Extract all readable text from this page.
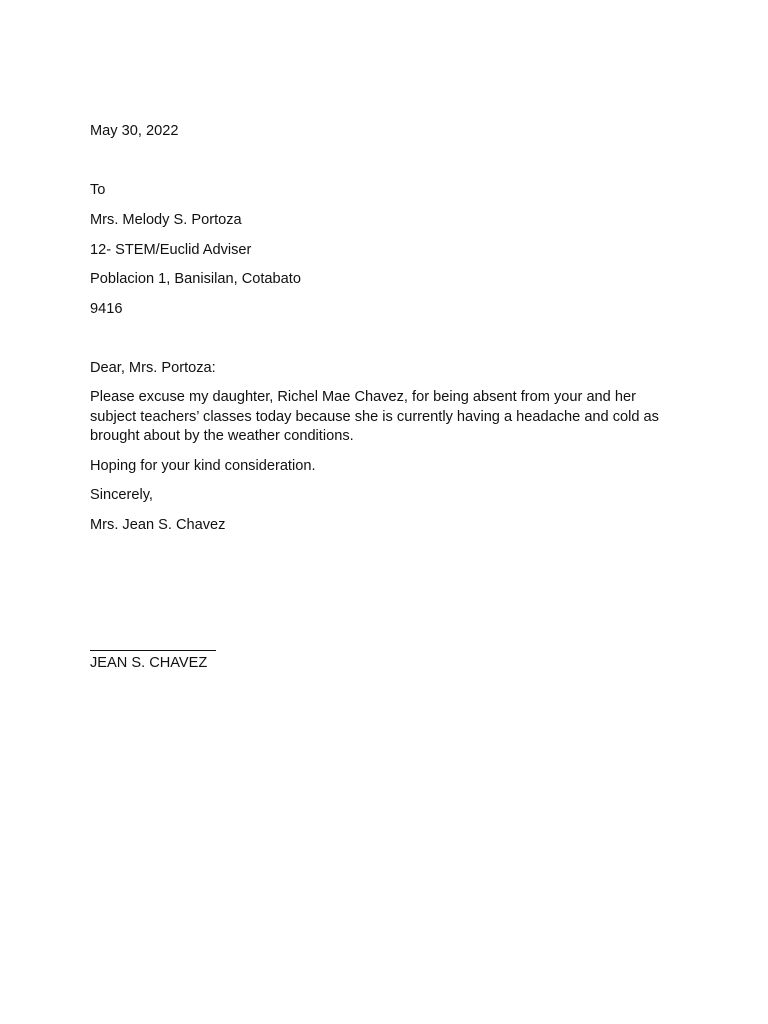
May 30, 2022
To
Mrs. Melody S. Portoza
12- STEM/Euclid Adviser
Poblacion 1, Banisilan, Cotabato
9416
Dear, Mrs. Portoza:
Please excuse my daughter, Richel Mae Chavez, for being absent from your and her subject teachers’ classes today because she is currently having a headache and cold as brought about by the weather conditions.
Hoping for your kind consideration.
Sincerely,
Mrs. Jean S. Chavez
JEAN S. CHAVEZ
